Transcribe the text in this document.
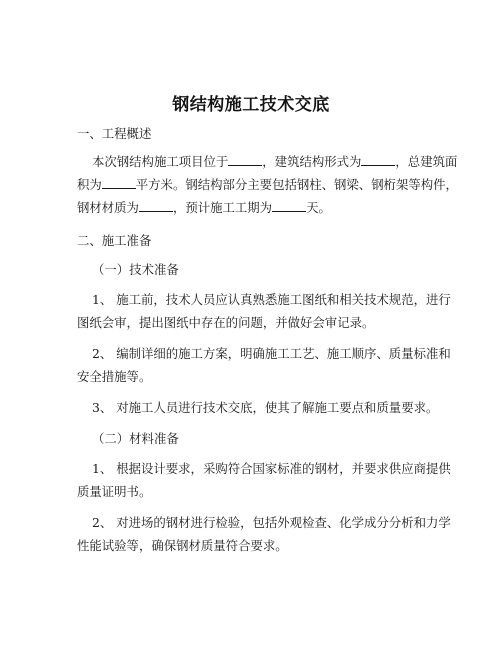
钢结构施工技术交底
一、工程概述
本次钢结构施工项目位于	，建筑结构形式为	，总建筑面
积为	平方米。钢结构部分主要包括钢柱、钢梁、钢桁架等构件，
钢材材质为	，预计施工工期为	天。
二、施工准备
（一）技术准备
1、 施工前，技术人员应认真熟悉施工图纸和相关技术规范，进行
图纸会审，提出图纸中存在的问题，并做好会审记录。
2、 编制详细的施工方案，明确施工工艺、施工顺序、质量标准和
安全措施等。
3、 对施工人员进行技术交底，使其了解施工要点和质量要求。
（二）材料准备
1、 根据设计要求，采购符合国家标准的钢材，并要求供应商提供
质量证明书。
2、 对进场的钢材进行检验，包括外观检查、化学成分分析和力学
性能试验等，确保钢材质量符合要求。
